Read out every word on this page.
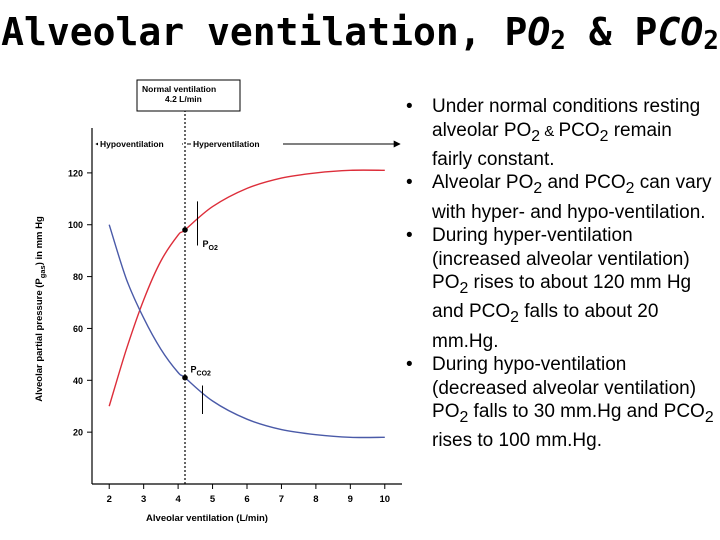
Alveolar ventilation, $PO_2$ & $PCO_2$
20
40
60
80
100
120
2	3	4	5	6	7	8	9	10
Alveolar ventilation (L/min)
Alveolar partial pressure $(P_{gas})$ in mm Hg
Normal ventilation
4.2 L/min
Hypoventilation	Hyperventilation
$P_{O2}$
$P_{CO2}$
• Under normal conditions resting alveolar $PO_2$ & $PCO_2$ remain fairly constant.
• Alveolar $PO_2$ and $PCO_2$ can vary with hyper- and hypo-ventilation.
• During hyper-ventilation (increased alveolar ventilation) $PO_2$ rises to about 120 mm Hg and $PCO_2$ falls to about 20 mm.Hg.
• During hypo-ventilation (decreased alveolar ventilation) $PO_2$ falls to 30 mm.Hg and $PCO_2$ rises to 100 mm.Hg.
